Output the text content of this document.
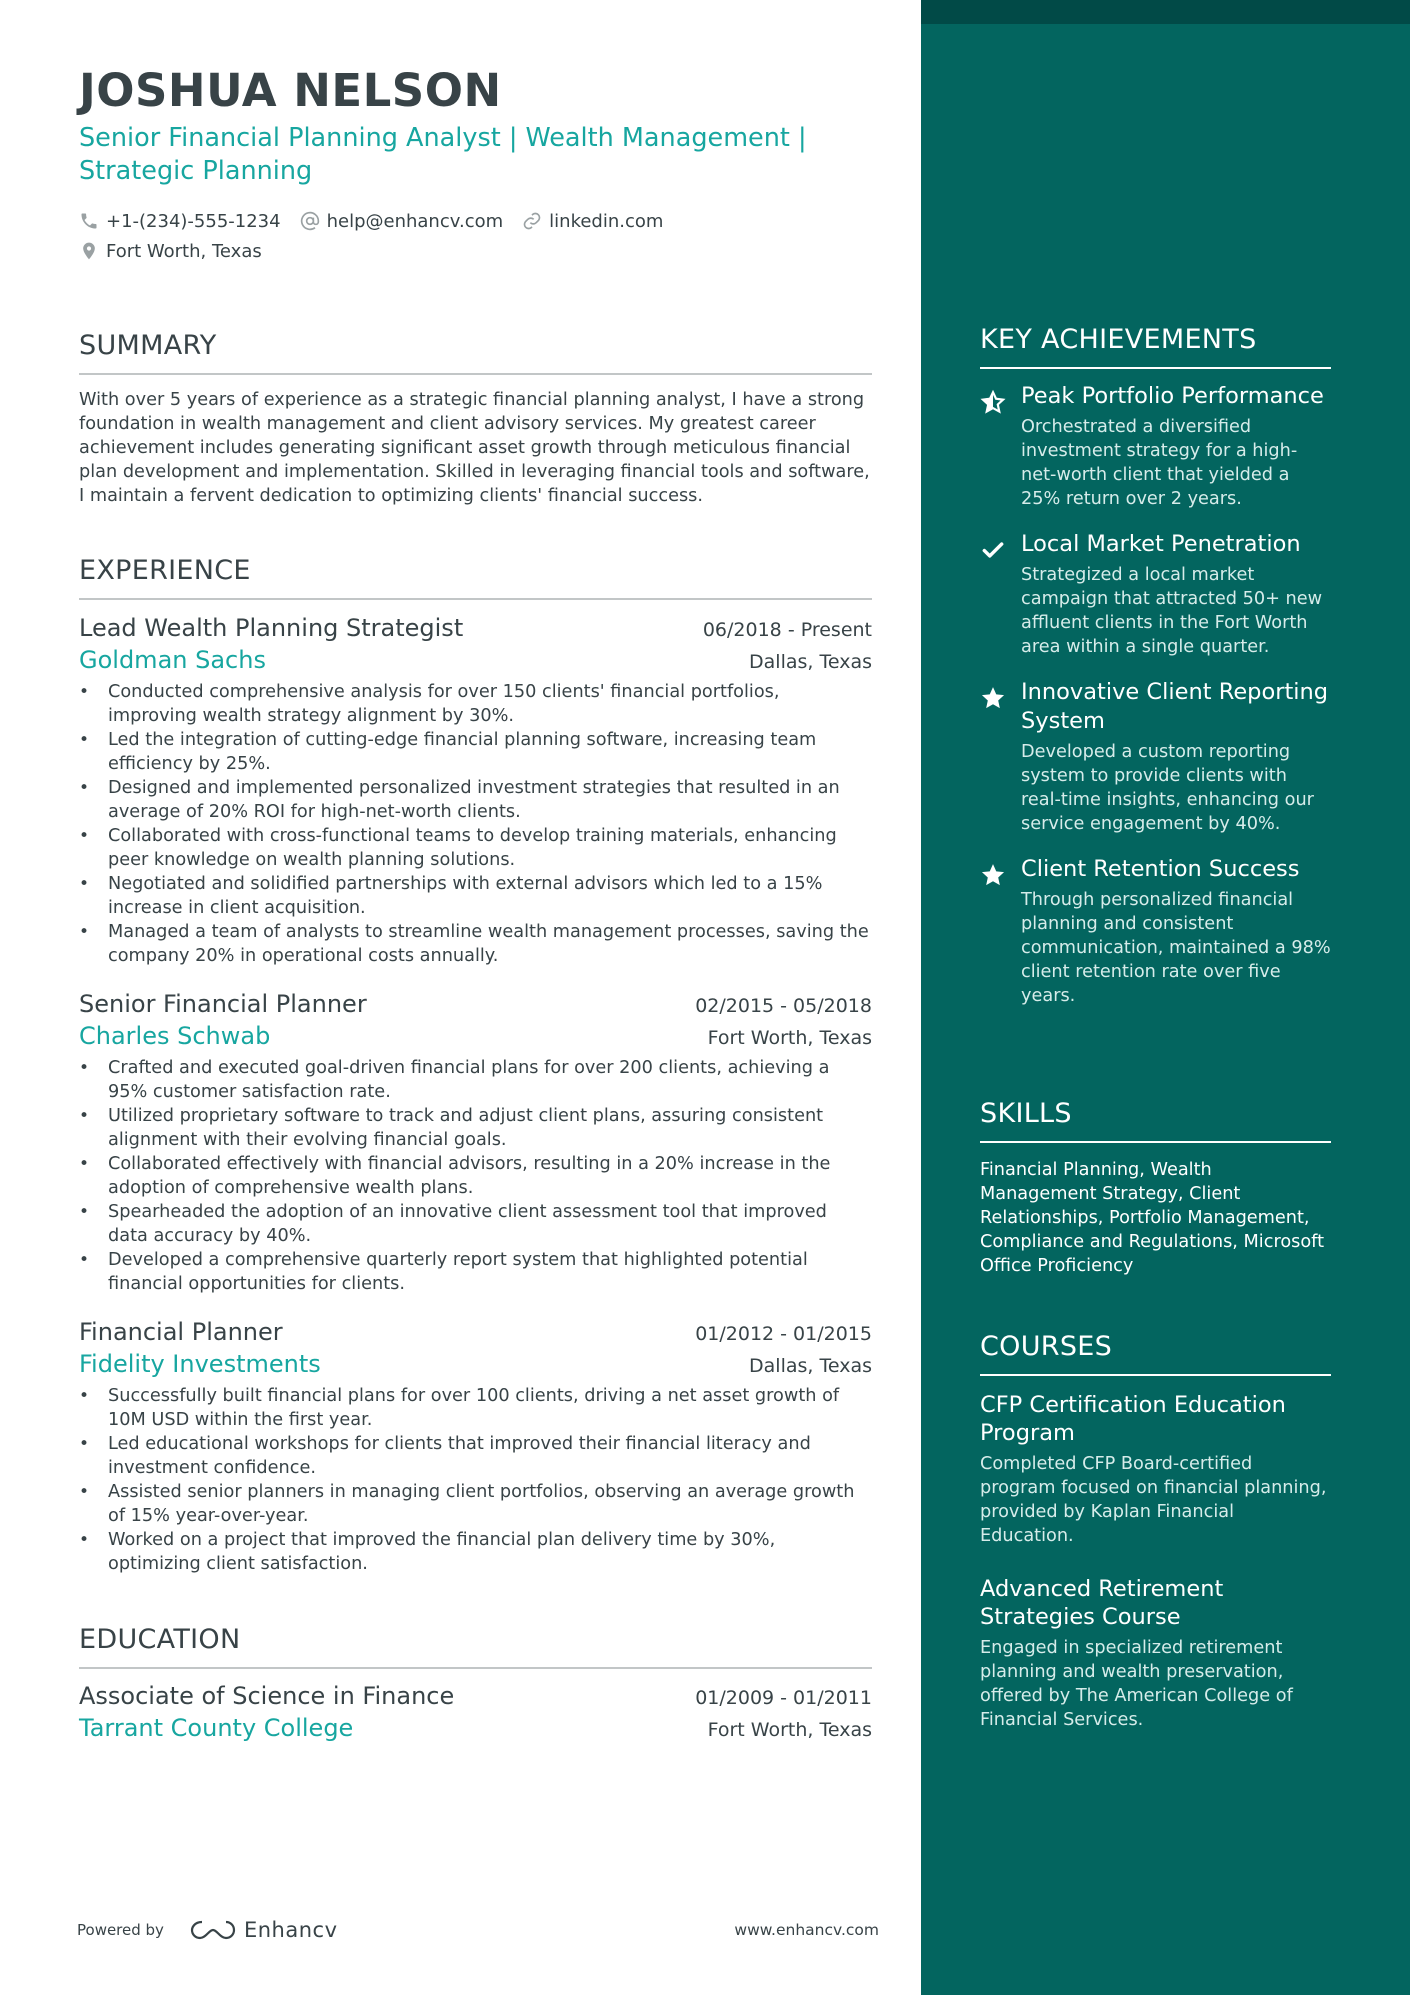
JOSHUA NELSON
Senior Financial Planning Analyst | Wealth Management | Strategic Planning
+1-(234)-555-1234	help@enhancv.com	linkedin.com
Fort Worth, Texas
SUMMARY
With over 5 years of experience as a strategic financial planning analyst, I have a strong foundation in wealth management and client advisory services. My greatest career achievement includes generating significant asset growth through meticulous financial plan development and implementation. Skilled in leveraging financial tools and software, I maintain a fervent dedication to optimizing clients' financial success.
EXPERIENCE
Lead Wealth Planning Strategist	06/2018 - Present
Goldman Sachs	Dallas, Texas
• Conducted comprehensive analysis for over 150 clients' financial portfolios, improving wealth strategy alignment by 30%.
• Led the integration of cutting-edge financial planning software, increasing team efficiency by 25%.
• Designed and implemented personalized investment strategies that resulted in an average of 20% ROI for high-net-worth clients.
• Collaborated with cross-functional teams to develop training materials, enhancing peer knowledge on wealth planning solutions.
• Negotiated and solidified partnerships with external advisors which led to a 15% increase in client acquisition.
• Managed a team of analysts to streamline wealth management processes, saving the company 20% in operational costs annually.
Senior Financial Planner	02/2015 - 05/2018
Charles Schwab	Fort Worth, Texas
• Crafted and executed goal-driven financial plans for over 200 clients, achieving a 95% customer satisfaction rate.
• Utilized proprietary software to track and adjust client plans, assuring consistent alignment with their evolving financial goals.
• Collaborated effectively with financial advisors, resulting in a 20% increase in the adoption of comprehensive wealth plans.
• Spearheaded the adoption of an innovative client assessment tool that improved data accuracy by 40%.
• Developed a comprehensive quarterly report system that highlighted potential financial opportunities for clients.
Financial Planner	01/2012 - 01/2015
Fidelity Investments	Dallas, Texas
• Successfully built financial plans for over 100 clients, driving a net asset growth of 10M USD within the first year.
• Led educational workshops for clients that improved their financial literacy and investment confidence.
• Assisted senior planners in managing client portfolios, observing an average growth of 15% year-over-year.
• Worked on a project that improved the financial plan delivery time by 30%, optimizing client satisfaction.
EDUCATION
Associate of Science in Finance	01/2009 - 01/2011
Tarrant County College	Fort Worth, Texas
KEY ACHIEVEMENTS
Peak Portfolio Performance
Orchestrated a diversified investment strategy for a high-net-worth client that yielded a 25% return over 2 years.
Local Market Penetration
Strategized a local market campaign that attracted 50+ new affluent clients in the Fort Worth area within a single quarter.
Innovative Client Reporting System
Developed a custom reporting system to provide clients with real-time insights, enhancing our service engagement by 40%.
Client Retention Success
Through personalized financial planning and consistent communication, maintained a 98% client retention rate over five years.
SKILLS
Financial Planning, Wealth Management Strategy, Client Relationships, Portfolio Management, Compliance and Regulations, Microsoft Office Proficiency
COURSES
CFP Certification Education Program
Completed CFP Board-certified program focused on financial planning, provided by Kaplan Financial Education.
Advanced Retirement Strategies Course
Engaged in specialized retirement planning and wealth preservation, offered by The American College of Financial Services.
Powered by	Enhancv	www.enhancv.com
